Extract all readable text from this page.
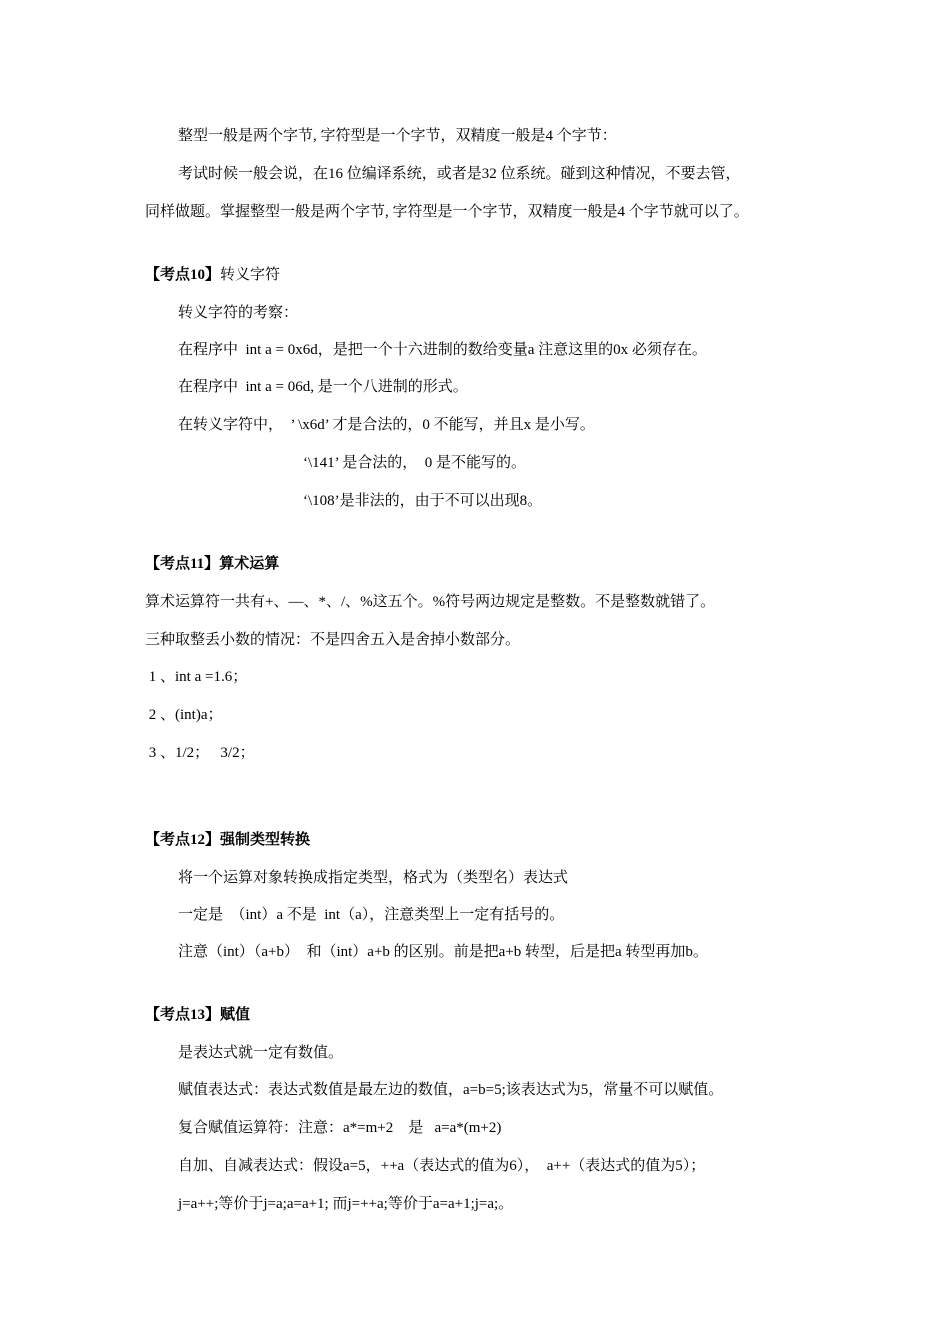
整型一般是两个字节, 字符型是一个字节，双精度一般是4 个字节：
考试时候一般会说，在16 位编译系统，或者是32 位系统。碰到这种情况，不要去管，
同样做题。掌握整型一般是两个字节, 字符型是一个字节，双精度一般是4 个字节就可以了。
【考点10】转义字符
转义字符的考察：
在程序中  int a = 0x6d，是把一个十六进制的数给变量a 注意这里的0x 必须存在。
在程序中  int a = 06d, 是一个八进制的形式。
在转义字符中，  ’ \x6d’ 才是合法的，0 不能写，并且x 是小写。
‘\141’ 是合法的，  0 是不能写的。
‘\108’是非法的，由于不可以出现8。
【考点11】算术运算
算术运算符一共有+、—、*、/、%这五个。%符号两边规定是整数。不是整数就错了。
三种取整丢小数的情况：不是四舍五入是舍掉小数部分。
1 、int a =1.6；
2 、(int)a；
3 、1/2；   3/2；
【考点12】强制类型转换
将一个运算对象转换成指定类型，格式为（类型名）表达式
一定是  （int）a 不是  int（a），注意类型上一定有括号的。
注意（int）（a+b）  和（int）a+b 的区别。前是把a+b 转型，后是把a 转型再加b。
【考点13】赋值
是表达式就一定有数值。
赋值表达式：表达式数值是最左边的数值，a=b=5;该表达式为5，常量不可以赋值。
复合赋值运算符：注意：a*=m+2    是   a=a*(m+2)
自加、自减表达式：假设a=5，++a（表达式的值为6），  a++（表达式的值为5）；
j=a++;等价于j=a;a=a+1; 而j=++a;等价于a=a+1;j=a;。
